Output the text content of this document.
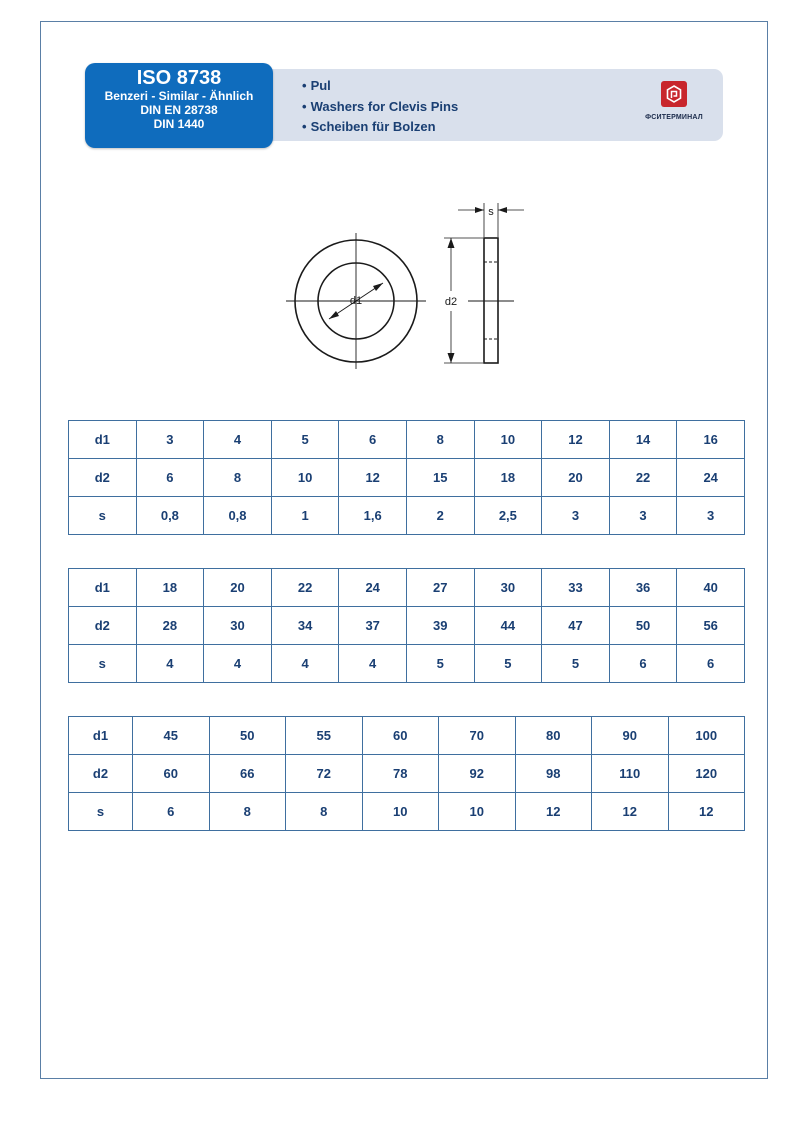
ISO 8738
Benzeri - Similar - Ähnlich
DIN EN 28738
DIN 1440
• Pul
• Washers for Clevis Pins
• Scheiben für Bolzen
ФСИТЕРМИНАЛ
d1	d2
s
d1	3	4	5	6	8	10	12	14	16
d2	6	8	10	12	15	18	20	22	24
s	0,8	0,8	1	1,6	2	2,5	3	3	3
d1	18	20	22	24	27	30	33	36	40
d2	28	30	34	37	39	44	47	50	56
s	4	4	4	4	5	5	5	6	6
d1	45	50	55	60	70	80	90	100
d2	60	66	72	78	92	98	110	120
s	6	8	8	10	10	12	12	12
